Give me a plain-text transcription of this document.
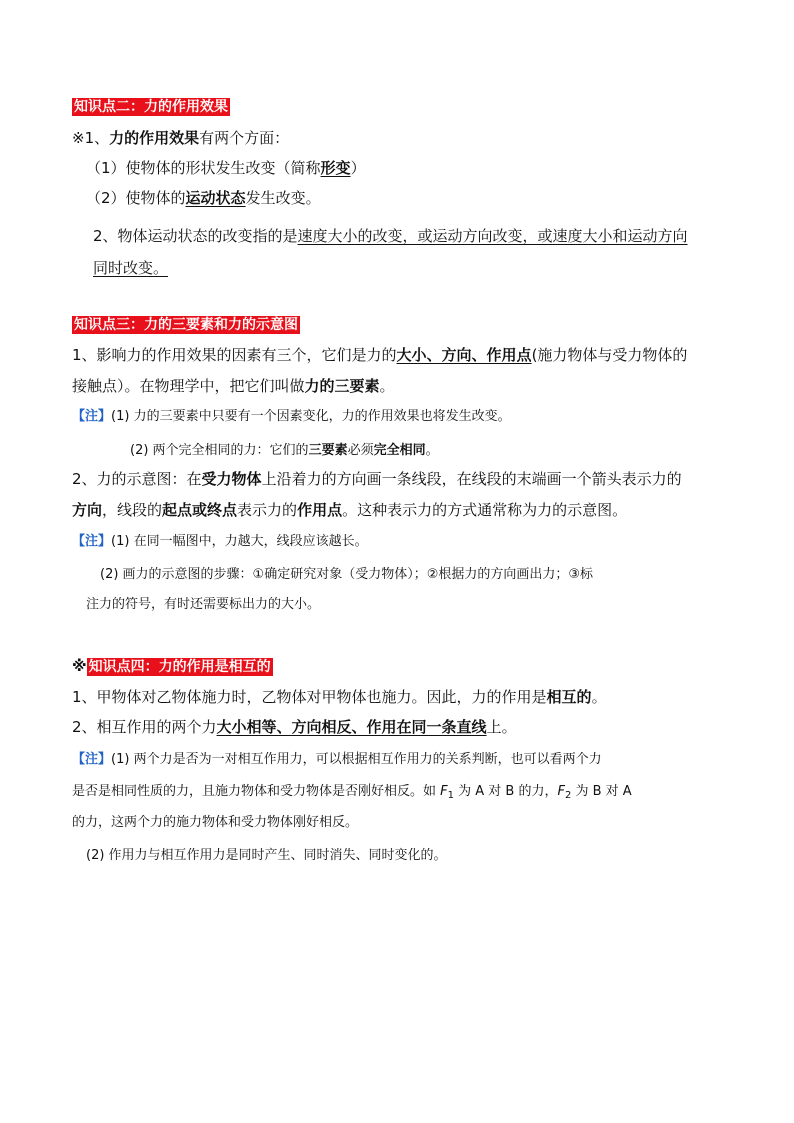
知识点二：力的作用效果
※1、力的作用效果有两个方面：
（1）使物体的形状发生改变（简称形变）
（2）使物体的运动状态发生改变。
2、物体运动状态的改变指的是速度大小的改变，或运动方向改变，或速度大小和运动方向
同时改变。
知识点三：力的三要素和力的示意图
1、影响力的作用效果的因素有三个，它们是力的大小、方向、作用点(施力物体与受力物体的
接触点）。在物理学中，把它们叫做力的三要素。
【注】(1) 力的三要素中只要有一个因素变化，力的作用效果也将发生改变。
(2) 两个完全相同的力：它们的三要素必须完全相同。
2、力的示意图：在受力物体上沿着力的方向画一条线段，在线段的末端画一个箭头表示力的
方向，线段的起点或终点表示力的作用点。这种表示力的方式通常称为力的示意图。
【注】(1) 在同一幅图中，力越大，线段应该越长。
(2) 画力的示意图的步骤：①确定研究对象（受力物体）；②根据力的方向画出力；③标
注力的符号，有时还需要标出力的大小。
※ 知识点四：力的作用是相互的
1、甲物体对乙物体施力时，乙物体对甲物体也施力。因此，力的作用是相互的。
2、相互作用的两个力大小相等、方向相反、作用在同一条直线上。
【注】(1) 两个力是否为一对相互作用力，可以根据相互作用力的关系判断，也可以看两个力
是否是相同性质的力，且施力物体和受力物体是否刚好相反。如 $F_1$ 为 A 对 B 的力，$F_2$ 为 B 对 A
的力，这两个力的施力物体和受力物体刚好相反。
(2) 作用力与相互作用力是同时产生、同时消失、同时变化的。
